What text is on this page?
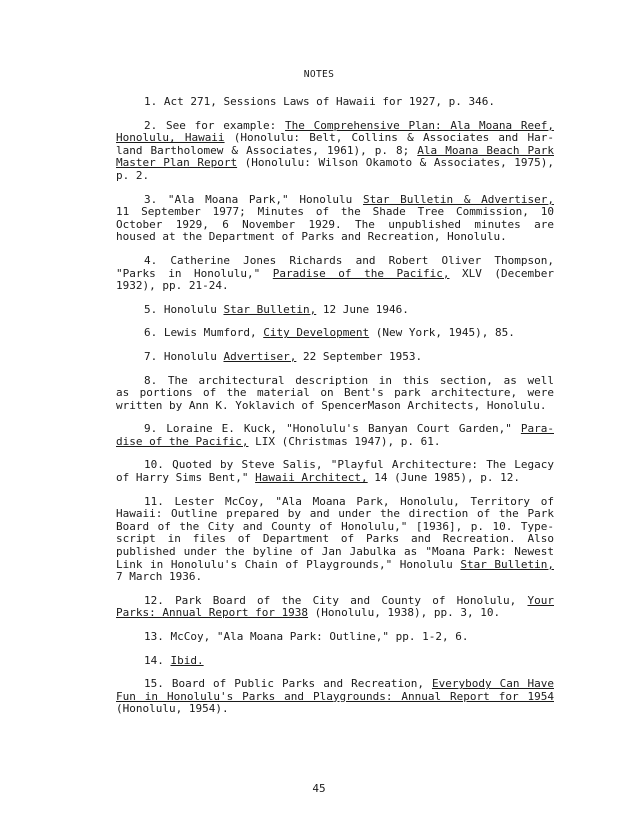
NOTES
1. Act 271, Sessions Laws of Hawaii for 1927, p. 346.
2. See for example: The Comprehensive Plan: Ala Moana Reef,
Honolulu, Hawaii (Honolulu: Belt, Collins & Associates and Har-
land Bartholomew & Associates, 1961), p. 8; Ala Moana Beach Park
Master Plan Report (Honolulu: Wilson Okamoto & Associates, 1975),
p. 2.
3. "Ala Moana Park," Honolulu Star Bulletin & Advertiser,
11 September 1977; Minutes of the Shade Tree Commission, 10
October 1929, 6 November 1929. The unpublished minutes are
housed at the Department of Parks and Recreation, Honolulu.
4. Catherine Jones Richards and Robert Oliver Thompson,
"Parks in Honolulu," Paradise of the Pacific, XLV (December
1932), pp. 21-24.
5. Honolulu Star Bulletin, 12 June 1946.
6. Lewis Mumford, City Development (New York, 1945), 85.
7. Honolulu Advertiser, 22 September 1953.
8. The architectural description in this section, as well
as portions of the material on Bent's park architecture, were
written by Ann K. Yoklavich of SpencerMason Architects, Honolulu.
9. Loraine E. Kuck, "Honolulu's Banyan Court Garden," Para-
dise of the Pacific, LIX (Christmas 1947), p. 61.
10. Quoted by Steve Salis, "Playful Architecture: The Legacy
of Harry Sims Bent," Hawaii Architect, 14 (June 1985), p. 12.
11. Lester McCoy, "Ala Moana Park, Honolulu, Territory of
Hawaii: Outline prepared by and under the direction of the Park
Board of the City and County of Honolulu," [1936], p. 10. Type-
script in files of Department of Parks and Recreation. Also
published under the byline of Jan Jabulka as "Moana Park: Newest
Link in Honolulu's Chain of Playgrounds," Honolulu Star Bulletin,
7 March 1936.
12. Park Board of the City and County of Honolulu, Your
Parks: Annual Report for 1938 (Honolulu, 1938), pp. 3, 10.
13. McCoy, "Ala Moana Park: Outline," pp. 1-2, 6.
14. Ibid.
15. Board of Public Parks and Recreation, Everybody Can Have
Fun in Honolulu's Parks and Playgrounds: Annual Report for 1954
(Honolulu, 1954).
45
